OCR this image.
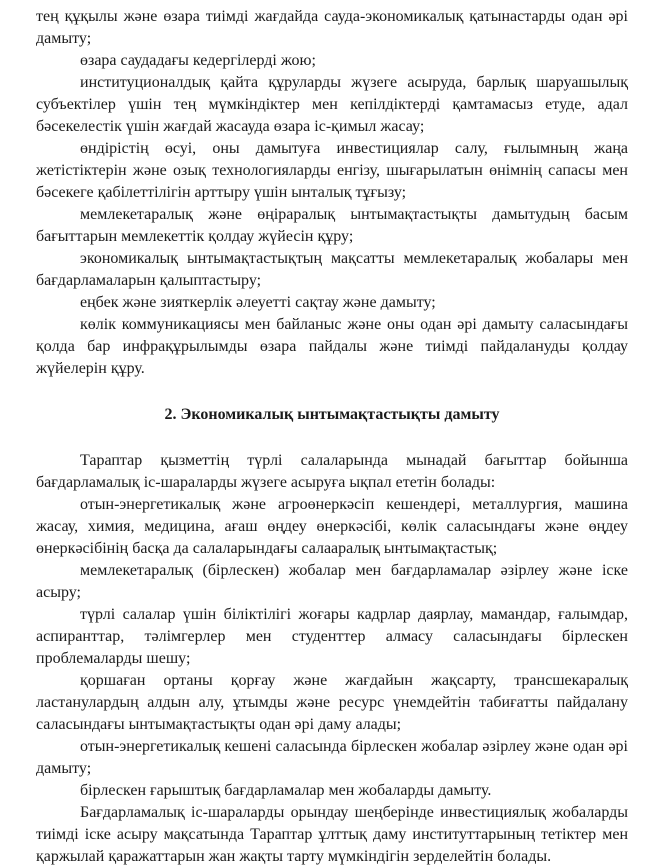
тең құқылы және өзара тиімді жағдайда сауда-экономикалық қатынастарды одан әрі дамыту;

өзара саудадағы кедергілерді жою;

институционалдық қайта құруларды жүзеге асыруда, барлық шаруашылық субъектілер үшін тең мүмкіндіктер мен кепілдіктерді қамтамасыз етуде, адал бәсекелестік үшін жағдай жасауда өзара іс-қимыл жасау;

өндірістің өсуі, оны дамытуға инвестициялар салу, ғылымның жаңа жетістіктерін және озық технологияларды енгізу, шығарылатын өнімнің сапасы мен бәсекеге қабілеттілігін арттыру үшін ынталық тұғызу;

мемлекетаралық және өңіраралық ынтымақтастықты дамытудың басым бағыттарын мемлекеттік қолдау жүйесін құру;

экономикалық ынтымақтастықтың мақсатты мемлекетаралық жобалары мен бағдарламаларын қалыптастыру;

еңбек және зияткерлік әлеуетті сақтау және дамыту;

көлік коммуникациясы мен байланыс және оны одан әрі дамыту саласындағы қолда бар инфрақұрылымды өзара пайдалы және тиімді пайдалануды қолдау жүйелерін құру.

2. Экономикалық ынтымақтастықты дамыту

Тараптар қызметтің түрлі салаларында мынадай бағыттар бойынша бағдарламалық іс-шараларды жүзеге асыруға ықпал ететін болады:

отын-энергетикалық және агроөнеркәсіп кешендері, металлургия, машина жасау, химия, медицина, ағаш өңдеу өнеркәсібі, көлік саласындағы және өңдеу өнеркәсібінің басқа да салаларындағы салааралық ынтымақтастық;

мемлекетаралық (бірлескен) жобалар мен бағдарламалар әзірлеу және іске асыру;

түрлі салалар үшін біліктілігі жоғары кадрлар даярлау, мамандар, ғалымдар, аспиранттар, тәлімгерлер мен студенттер алмасу саласындағы бірлескен проблемаларды шешу;

қоршаған ортаны қорғау және жағдайын жақсарту, трансшекаралық ластанулардың алдын алу, ұтымды және ресурс үнемдейтін табиғатты пайдалану саласындағы ынтымақтастықты одан әрі даму алады;

отын-энергетикалық кешені саласында бірлескен жобалар әзірлеу және одан әрі дамыту;

бірлескен ғарыштық бағдарламалар мен жобаларды дамыту.

Бағдарламалық іс-шараларды орындау шеңберінде инвестициялық жобаларды тиімді іске асыру мақсатында Тараптар ұлттық даму институттарының тетіктер мен қаржылай қаражаттарын жан жақты тарту мүмкіндігін зерделейтін болады.
